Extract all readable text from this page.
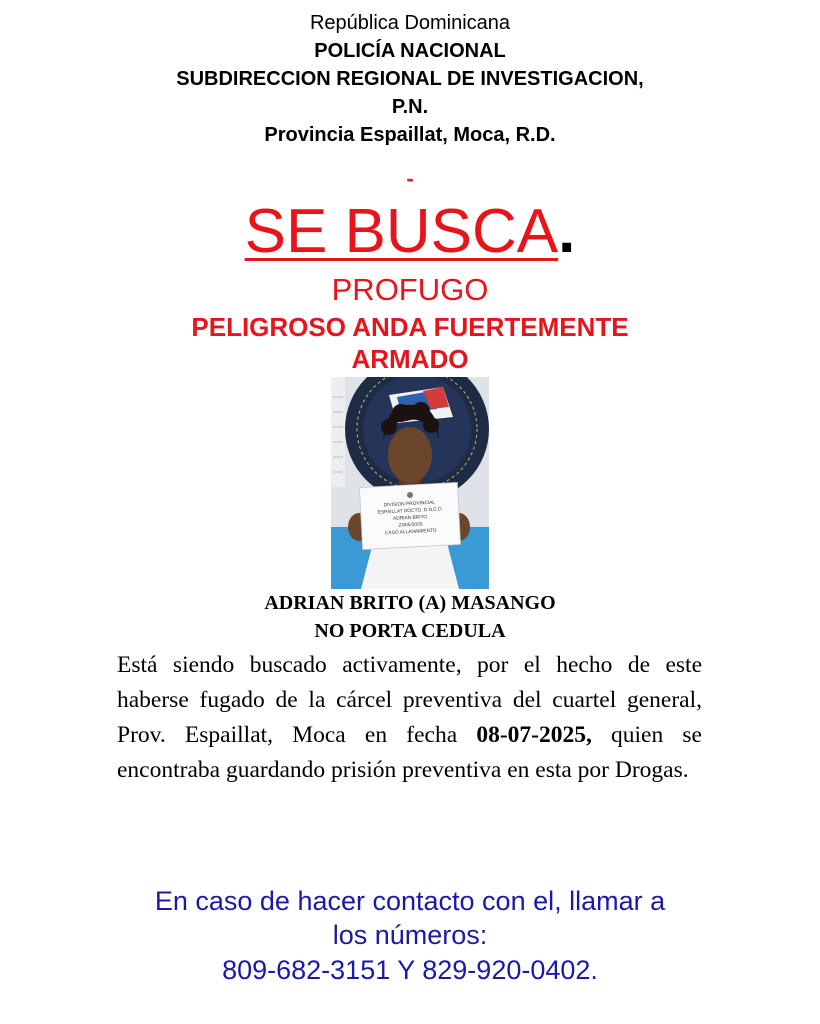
República Dominicana
POLICÍA NACIONAL
SUBDIRECCION REGIONAL DE INVESTIGACION,
P.N.
Provincia Espaillat, Moca, R.D.
-
SE BUSCA.
PROFUGO
PELIGROSO ANDA FUERTEMENTE
ARMADO
DIVISION PROVINCIAL
ESPAILLAT DOCTO. D.N.C.D
ADRIAN BRITO
23/05/2025
CASO ALLANAMIENTO
ADRIAN BRITO (A) MASANGO
NO PORTA CEDULA
Está siendo buscado activamente, por el hecho de este haberse fugado de la cárcel preventiva del cuartel general, Prov. Espaillat, Moca en fecha 08-07-2025, quien se encontraba guardando prisión preventiva en esta por Drogas.
En caso de hacer contacto con el, llamar a
los números:
809-682-3151 Y 829-920-0402.
